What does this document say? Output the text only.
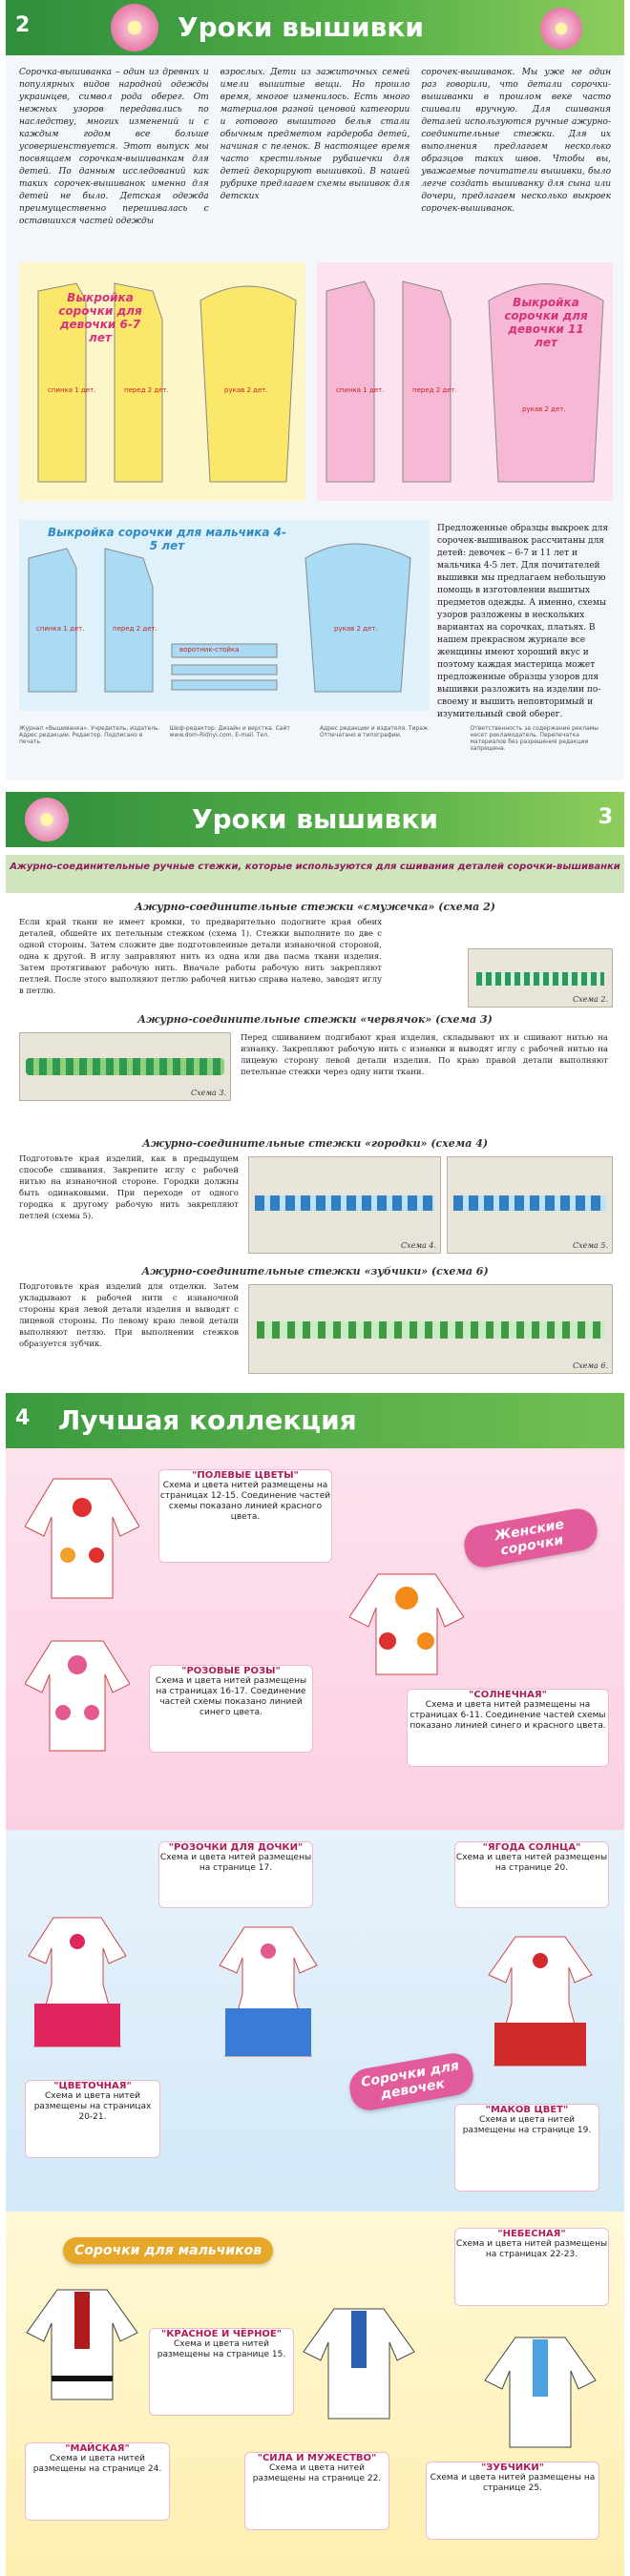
2	Уроки вышивки
Сорочка-вышиванка – один из древних и популярных видов народной одежды украинцев, символ рода оберег. От нежных узоров передавались по наследству, многих изменений и с каждым годом все больше усовершенствуется. Этот выпуск мы посвящаем сорочкам-вышиванкам для детей. По данным исследований как таких сорочек-вышиванок именно для детей не было. Детская одежда преимущественно перешивалась с оставшихся частей одежды
взрослых. Дети из зажиточных семей имели вышитые вещи. Но прошло время, многое изменилось. Есть много материалов разной ценовой категории и готового вышитого белья стали обычным предметом гардероба детей, начиная с пеленок. В настоящее время часто крестильные рубашечки для детей декорируют вышивкой. В нашей рубрике предлагаем схемы вышивок для детских
сорочек-вышиванок. Мы уже не один раз говорили, что детали сорочки-вышиванки в прошлом веке часто сшивали вручную. Для сшивания деталей используются ручные ажурно-соединительные стежки. Для их выполнения предлагаем несколько образцов таких швов. Чтобы вы, уважаемые почитатели вышивки, было легче создать вышиванку для сына или дочери, предлагаем несколько выкроек сорочек-вышиванок.
Выкройка сорочки для девочки 6-7 лет
спинка 1 дет.	перед 2 дет.	рукав 2 дет.
Выкройка сорочки для девочки 11 лет
спинка 1 дет.	перед 2 дет.
рукав 2 дет.
Выкройка сорочки для мальчика 4-5 лет
спинка 1 дет.	перед 2 дет.	рукав 2 дет.
воротник-стойка
Предложенные образцы выкроек для сорочек-вышиванок рассчитаны для детей: девочек – 6-7 и 11 лет и мальчика 4-5 лет. Для почитателей вышивки мы предлагаем небольшую помощь в изготовлении вышитых предметов одежды. А именно, схемы узоров разложены в нескольких вариантах на сорочках, платьях. В нашем прекрасном журнале все женщины имеют хороший вкус и поэтому каждая мастерица может предложенные образцы узоров для вышивки разложить на изделии по-своему и вышить неповторимый и изумительный свой оберег.
Журнал «Вышиванка». Учредитель, издатель. Адрес редакции. Редактор. Подписано в печать.
Шеф-редактор. Дизайн и верстка. Сайт www.dom-Ridnyi.com. E-mail. Тел.
Адрес редакции и издателя. Тираж. Отпечатано в типографии.
Ответственность за содержание рекламы несет рекламодатель. Перепечатка материалов без разрешения редакции запрещена.
Уроки вышивки	3
Ажурно-соединительные ручные стежки, которые используются для сшивания деталей сорочки-вышиванки
Ажурно-соединительные стежки «смужечка» (схема 2)
Если край ткани не имеет кромки, то предварительно подогните края обеих деталей, обшейте их петельным стежком (схема 1). Стежки выполните по две с одной стороны. Затем сложите две подготовленные детали изнаночной стороной, одна к другой. В иглу заправляют нить из одна или два пасма ткани изделия. Затем протягивают рабочую нить. Вначале работы рабочую нить закрепляют петлей. После этого выполняют петлю рабочей нитью справа налево, заводят иглу в петлю.
Схема 2.
Ажурно-соединительные стежки «червячок» (схема 3)
Схема 3.
Перед сшиванием подгибают края изделия, складывают их и сшивают нитью на изнанку. Закрепляют рабочую нить с изнанки и выводят иглу с рабочей нитью на лицевую сторону левой детали изделия. По краю правой детали выполняют петельные стежки через одну нити ткани.
Ажурно-соединительные стежки «городки» (схема 4)
Подготовьте края изделий, как в предыдущем способе сшивания. Закрепите иглу с рабочей нитью на изнаночной стороне. Городки должны быть одинаковыми. При переходе от одного городка к другому рабочую нить закрепляют петлей (схема 5).
Схема 4.	Схема 5.
Ажурно-соединительные стежки «зубчики» (схема 6)
Подготовьте края изделий для отделки. Затем укладывают к рабочей нити с изнаночной стороны края левой детали изделия и выводят с лицевой стороны. По левому краю левой детали выполняют петлю. При выполнении стежков образуется зубчик.
Схема 6.
4 Лучшая коллекция
Женские сорочки
Сорочки для девочек
Сорочки для мальчиков
"ПОЛЕВЫЕ ЦВЕТЫ"
Схема и цвета нитей размещены на страницах 12-15. Соединение частей схемы показано линией красного цвета.
"РОЗОВЫЕ РОЗЫ"
Схема и цвета нитей размещены на страницах 16-17. Соединение частей схемы показано линией синего цвета.
"СОЛНЕЧНАЯ"
Схема и цвета нитей размещены на страницах 6-11. Соединение частей схемы показано линией синего и красного цвета.
"РОЗОЧКИ ДЛЯ ДОЧКИ"
Схема и цвета нитей размещены на странице 17.
"ЯГОДА СОЛНЦА"
Схема и цвета нитей размещены на странице 20.
"ЦВЕТОЧНАЯ"
Схема и цвета нитей размещены на страницах 20-21.
"МАКОВ ЦВЕТ"
Схема и цвета нитей размещены на странице 19.
"НЕБЕСНАЯ"
Схема и цвета нитей размещены на страницах 22-23.
"КРАСНОЕ И ЧЁРНОЕ"
Схема и цвета нитей размещены на странице 15.
"МАЙСКАЯ"
Схема и цвета нитей размещены на странице 24.
"СИЛА И МУЖЕСТВО"
Схема и цвета нитей размещены на странице 22.
"ЗУБЧИКИ"
Схема и цвета нитей размещены на странице 25.
